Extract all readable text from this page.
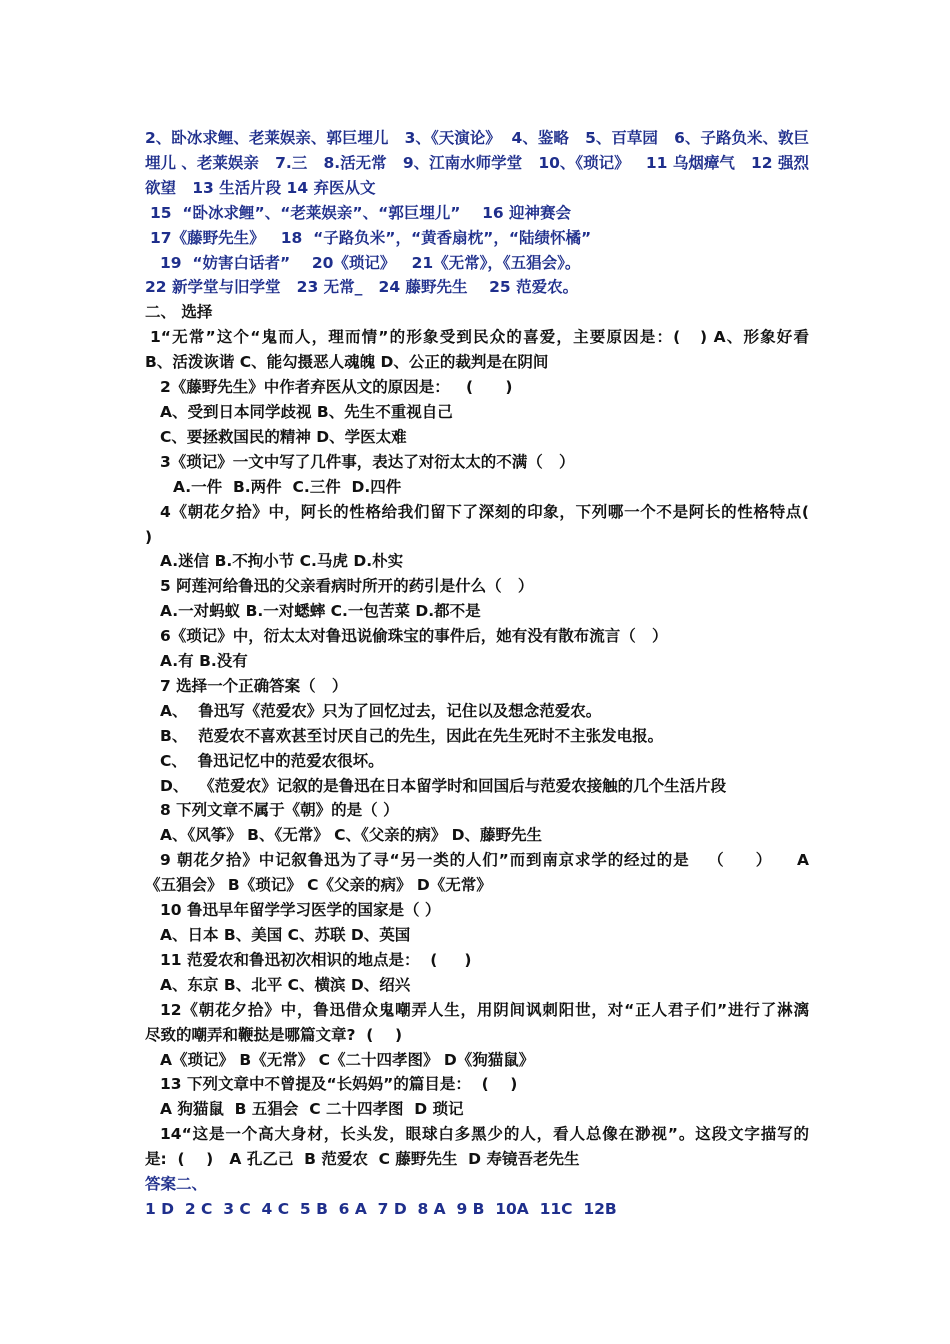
2、卧冰求鲤、老莱娱亲、郭巨埋儿   3、《天演论》  4、鉴略   5、百草园   6、子路负米、敦巨
埋儿 、老莱娱亲   7.三   8.活无常   9、江南水师学堂   10、《琐记》   11 乌烟瘴气   12 强烈
欲望   13 生活片段 14 弃医从文
15  “卧冰求鲤”、“老莱娱亲”、“郭巨埋儿”    16 迎神赛会
17《藤野先生》   18  “子路负米”，“黄香扇枕”，“陆绩怀橘”
19  “妨害白话者”    20《琐记》   21《无常》，《五猖会》。
22 新学堂与旧学堂   23 无常_   24 藤野先生    25 范爱农。
二、 选择
1“无常”这个“鬼而人，理而情”的形象受到民众的喜爱，主要原因是：(   ) A、形象好看
B、活泼诙谐 C、能勾摄恶人魂魄 D、公正的裁判是在阴间
2《藤野先生》中作者弃医从文的原因是：   (      )
A、受到日本同学歧视 B、先生不重视自己
C、要拯救国民的精神 D、学医太难
3《琐记》一文中写了几件事，表达了对衍太太的不满（   ）
A.一件  B.两件  C.三件  D.四件
4《朝花夕拾》中，阿长的性格给我们留下了深刻的印象，下列哪一个不是阿长的性格特点(
)
A.迷信 B.不拘小节 C.马虎 D.朴实
5 阿莲河给鲁迅的父亲看病时所开的药引是什么（   ）
A.一对蚂蚁 B.一对蟋蟀 C.一包苦菜 D.都不是
6《琐记》中，衍太太对鲁迅说偷珠宝的事件后，她有没有散布流言（   ）
A.有 B.没有
7 选择一个正确答案（   ）
A、  鲁迅写《范爱农》只为了回忆过去，记住以及想念范爱农。
B、  范爱农不喜欢甚至讨厌自己的先生，因此在先生死时不主张发电报。
C、  鲁迅记忆中的范爱农很坏。
D、  《范爱农》记叙的是鲁迅在日本留学时和回国后与范爱农接触的几个生活片段
8 下列文章不属于《朝》的是（ ）
A、《风筝》 B、《无常》 C、《父亲的病》 D、藤野先生
9 朝花夕拾》中记叙鲁迅为了寻“另一类的人们”而到南京求学的经过的是   （     ）    A
《五猖会》 B《琐记》 C《父亲的病》 D《无常》
10 鲁迅早年留学学习医学的国家是（ ）
A、日本 B、美国 C、苏联 D、英国
11 范爱农和鲁迅初次相识的地点是：  (     )
A、东京 B、北平 C、横滨 D、绍兴
12《朝花夕拾》中，鲁迅借众鬼嘲弄人生，用阴间讽刺阳世，对“正人君子们”进行了淋漓
尽致的嘲弄和鞭挞是哪篇文章?  (    )
A《琐记》 B《无常》 C《二十四孝图》 D《狗猫鼠》
13 下列文章中不曾提及“长妈妈”的篇目是：  (    )
A 狗猫鼠  B 五猖会  C 二十四孝图  D 琐记
14“这是一个高大身材，长头发，眼球白多黑少的人，看人总像在渺视”。这段文字描写的
是:  (    )   A 孔乙己  B 范爱农  C 藤野先生  D 寿镜吾老先生
答案二、
1 D  2 C  3 C  4 C  5 B  6 A  7 D  8 A  9 B  10A  11C  12B
